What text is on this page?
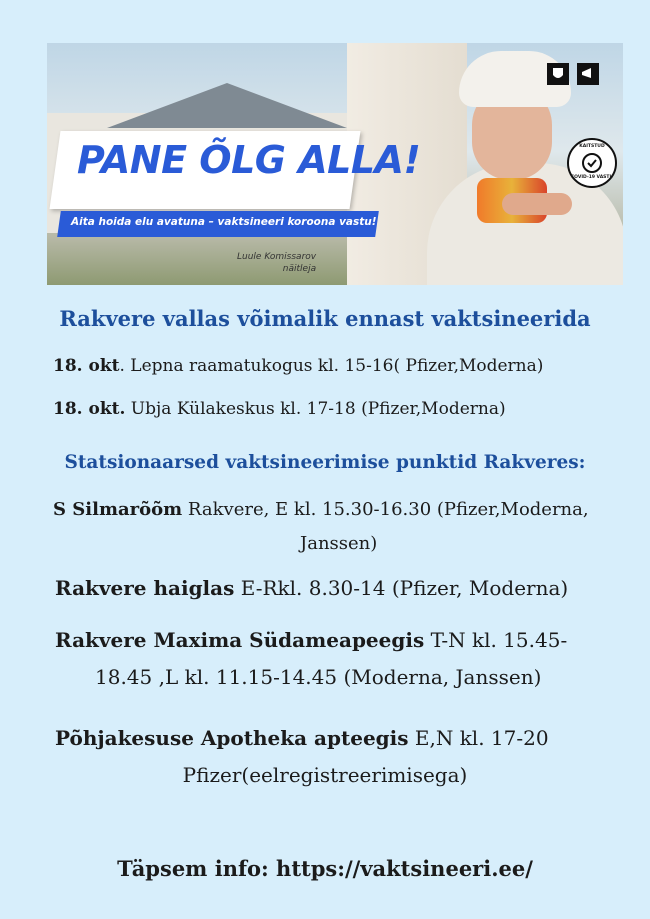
PANE ÕLG ALLA!
Aita hoida elu avatuna – vaktsineeri koroona vastu!
Luule Komissarov
näitleja
KAITSTUD
COVID-19 VASTU
Rakvere vallas võimalik ennast vaktsineerida
18. okt. Lepna raamatukogus kl. 15-16( Pfizer,Moderna)
18. okt. Ubja Külakeskus kl. 17-18 (Pfizer,Moderna)
Statsionaarsed vaktsineerimise punktid Rakveres:
S Silmarõõm Rakvere, E kl. 15.30-16.30 (Pfizer,Moderna,
Janssen)
Rakvere haiglas E-Rkl. 8.30-14 (Pfizer, Moderna)
Rakvere Maxima Südameapeegis T-N kl. 15.45-
18.45 ,L kl. 11.15-14.45 (Moderna, Janssen)
Põhjakesuse Apotheka apteegis E,N kl. 17-20
Pfizer(eelregistreerimisega)
Täpsem info: https://vaktsineeri.ee/
